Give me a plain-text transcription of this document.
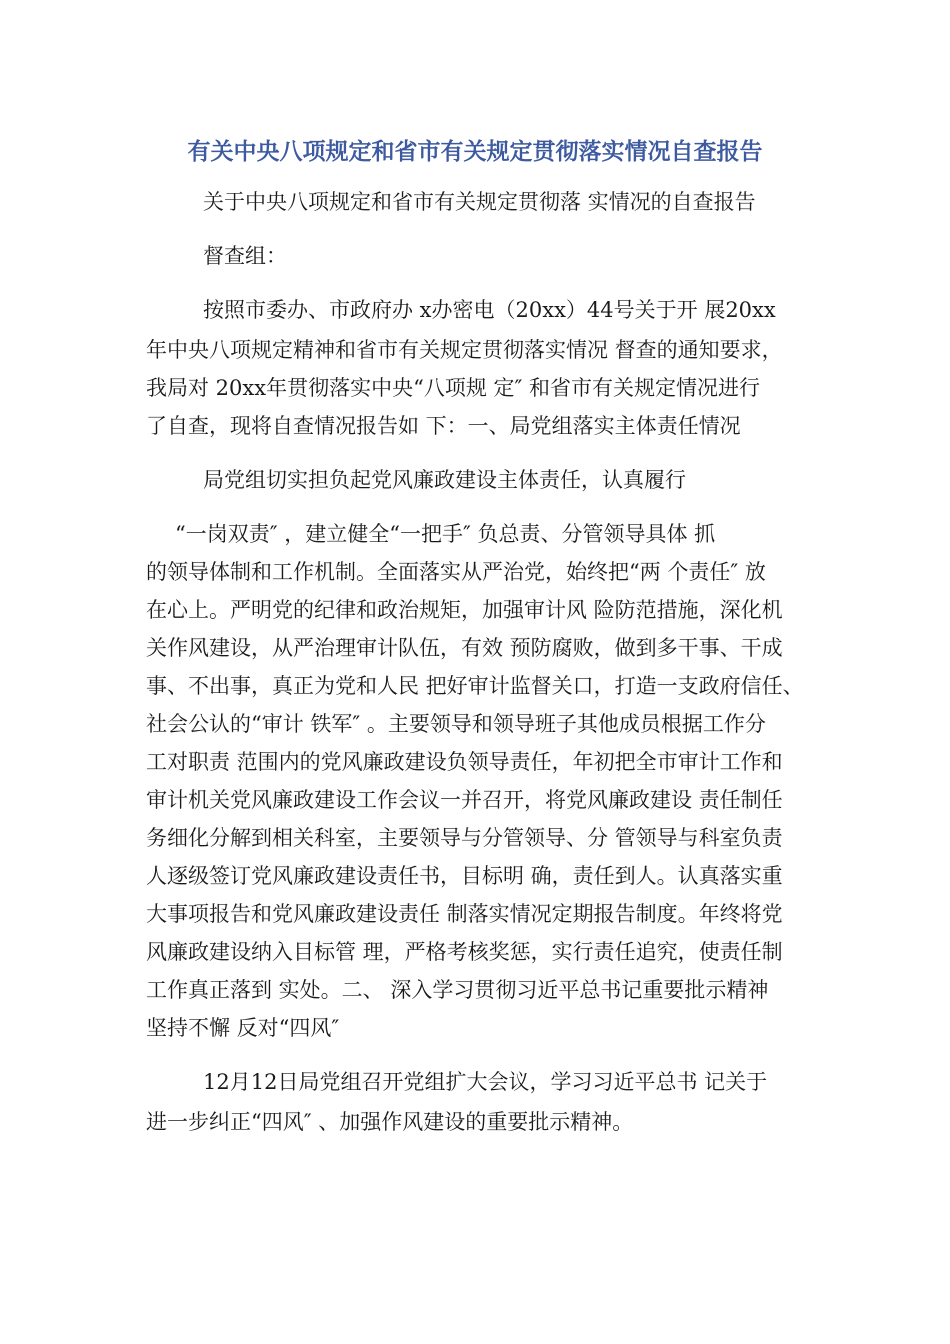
有关中央八项规定和省市有关规定贯彻落实情况自查报告
关于中央八项规定和省市有关规定贯彻落 实情况的自查报告
督查组：
按照市委办、市政府办 x办密电（20xx）44号关于开 展20xx
年中央八项规定精神和省市有关规定贯彻落实情况 督查的通知要求，
我局对 20xx年贯彻落实中央“八项规 定″ 和省市有关规定情况进行
了自查，现将自查情况报告如 下：一、局党组落实主体责任情况
局党组切实担负起党风廉政建设主体责任，认真履行
“一岗双责″ ，建立健全“一把手″ 负总责、分管领导具体 抓
的领导体制和工作机制。全面落实从严治党，始终把“两 个责任″ 放
在心上。严明党的纪律和政治规矩，加强审计风 险防范措施，深化机
关作风建设，从严治理审计队伍，有效 预防腐败，做到多干事、干成
事、不出事，真正为党和人民 把好审计监督关口，打造一支政府信任、
社会公认的“审计 铁军″ 。主要领导和领导班子其他成员根据工作分
工对职责 范围内的党风廉政建设负领导责任，年初把全市审计工作和
审计机关党风廉政建设工作会议一并召开，将党风廉政建设 责任制任
务细化分解到相关科室，主要领导与分管领导、分 管领导与科室负责
人逐级签订党风廉政建设责任书，目标明 确，责任到人。认真落实重
大事项报告和党风廉政建设责任 制落实情况定期报告制度。年终将党
风廉政建设纳入目标管 理，严格考核奖惩，实行责任追究，使责任制
工作真正落到 实处。二、 深入学习贯彻习近平总书记重要批示精神
坚持不懈 反对“四风″
12月12日局党组召开党组扩大会议，学习习近平总书 记关于
进一步纠正“四风″ 、加强作风建设的重要批示精神。
